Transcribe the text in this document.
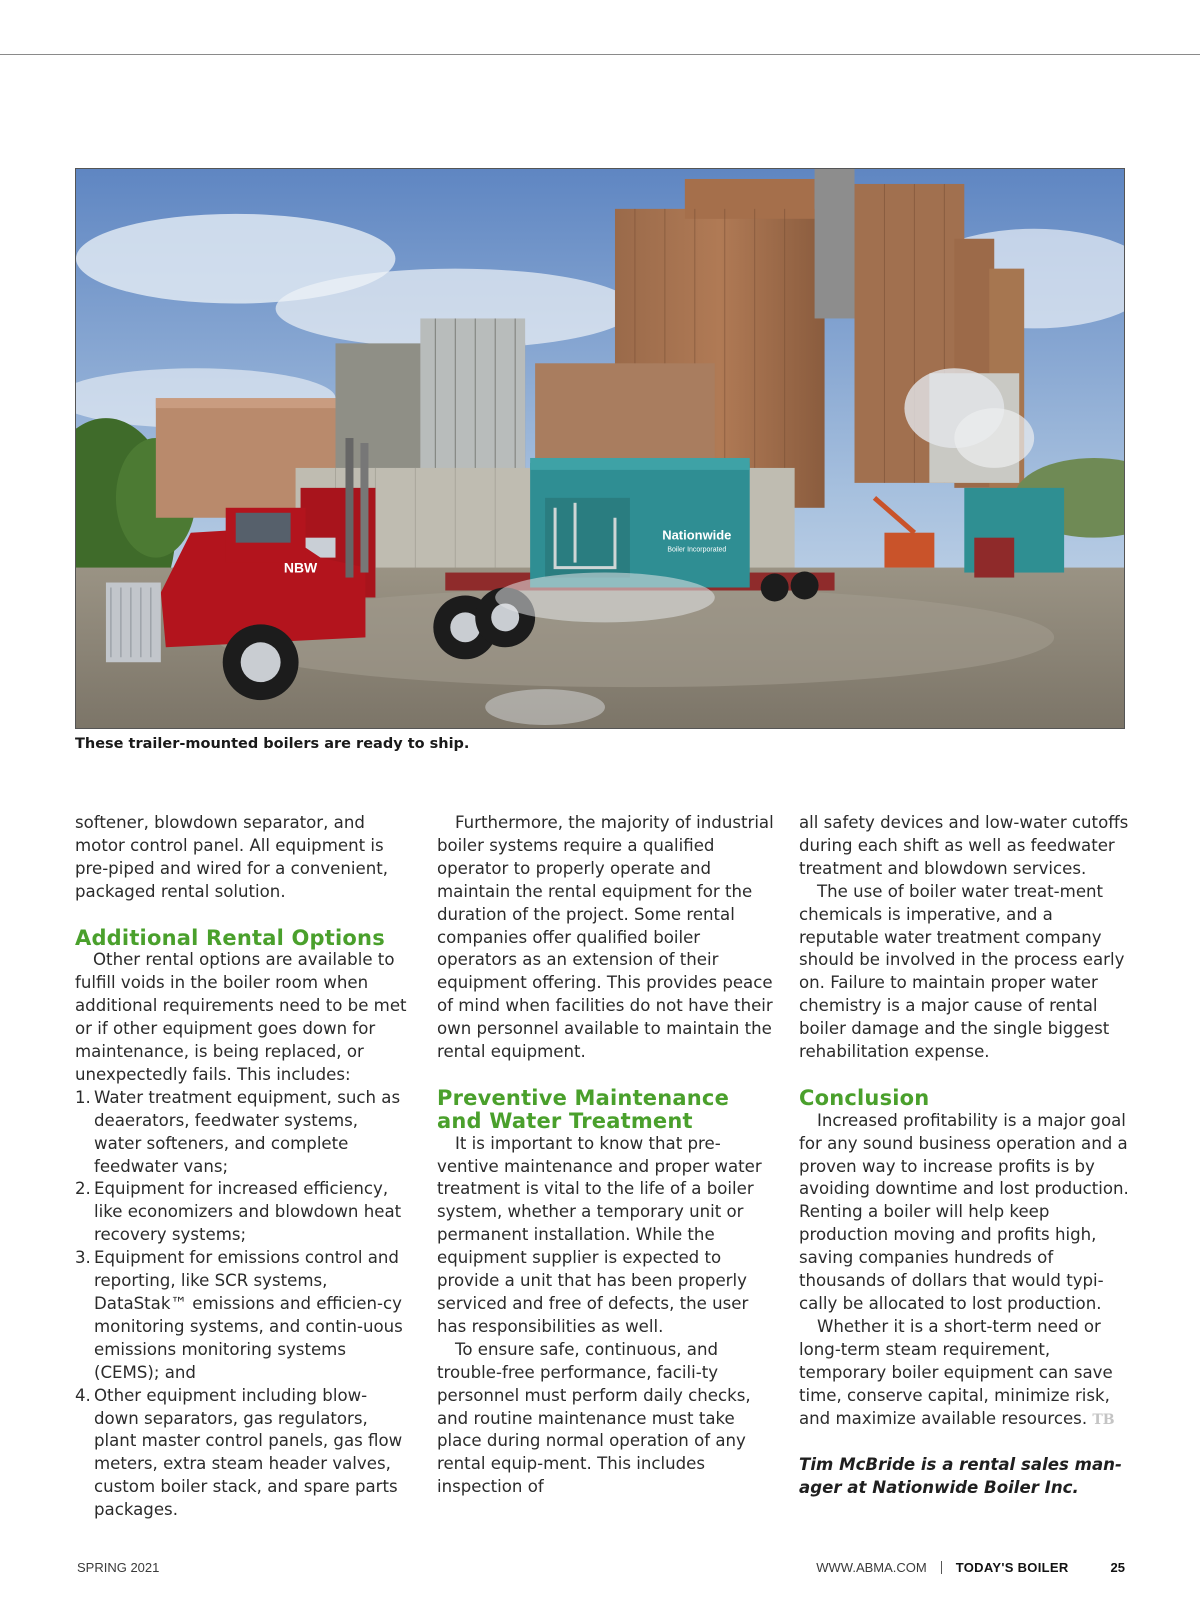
Nationwide
Boiler Incorporated
NBW
These trailer-mounted boilers are ready to ship.

softener, blowdown separator, and motor control panel. All equipment is pre-piped and wired for a convenient, packaged rental solution.

Additional Rental Options

Other rental options are available to fulfill voids in the boiler room when additional requirements need to be met or if other equipment goes down for maintenance, is being replaced, or unexpectedly fails. This includes:

1. Water treatment equipment, such as deaerators, feedwater systems, water softeners, and complete feedwater vans;
2. Equipment for increased efficiency, like economizers and blowdown heat recovery systems;
3. Equipment for emissions control and reporting, like SCR systems, DataStak™ emissions and efficien-cy monitoring systems, and contin-uous emissions monitoring systems (CEMS); and
4. Other equipment including blow-down separators, gas regulators, plant master control panels, gas flow meters, extra steam header valves, custom boiler stack, and spare parts packages.

Furthermore, the majority of industrial boiler systems require a qualified operator to properly operate and maintain the rental equipment for the duration of the project. Some rental companies offer qualified boiler operators as an extension of their equipment offering. This provides peace of mind when facilities do not have their own personnel available to maintain the rental equipment.

Preventive Maintenance
and Water Treatment

It is important to know that pre-ventive maintenance and proper water treatment is vital to the life of a boiler system, whether a temporary unit or permanent installation. While the equipment supplier is expected to provide a unit that has been properly serviced and free of defects, the user has responsibilities as well.

To ensure safe, continuous, and trouble-free performance, facili-ty personnel must perform daily checks, and routine maintenance must take place during normal operation of any rental equip-ment. This includes inspection of

all safety devices and low-water cutoffs during each shift as well as feedwater treatment and blowdown services.

The use of boiler water treat-ment chemicals is imperative, and a reputable water treatment company should be involved in the process early on. Failure to maintain proper water chemistry is a major cause of rental boiler damage and the single biggest rehabilitation expense.

Conclusion

Increased profitability is a major goal for any sound business operation and a proven way to increase profits is by avoiding downtime and lost production. Renting a boiler will help keep production moving and profits high, saving companies hundreds of thousands of dollars that would typi-cally be allocated to lost production.

Whether it is a short-term need or long-term steam requirement, temporary boiler equipment can save time, conserve capital, minimize risk, and maximize available resources. TB

Tim McBride is a rental sales man-ager at Nationwide Boiler Inc.

SPRING 2021	WWW.ABMA.COM TODAY'S BOILER	25
